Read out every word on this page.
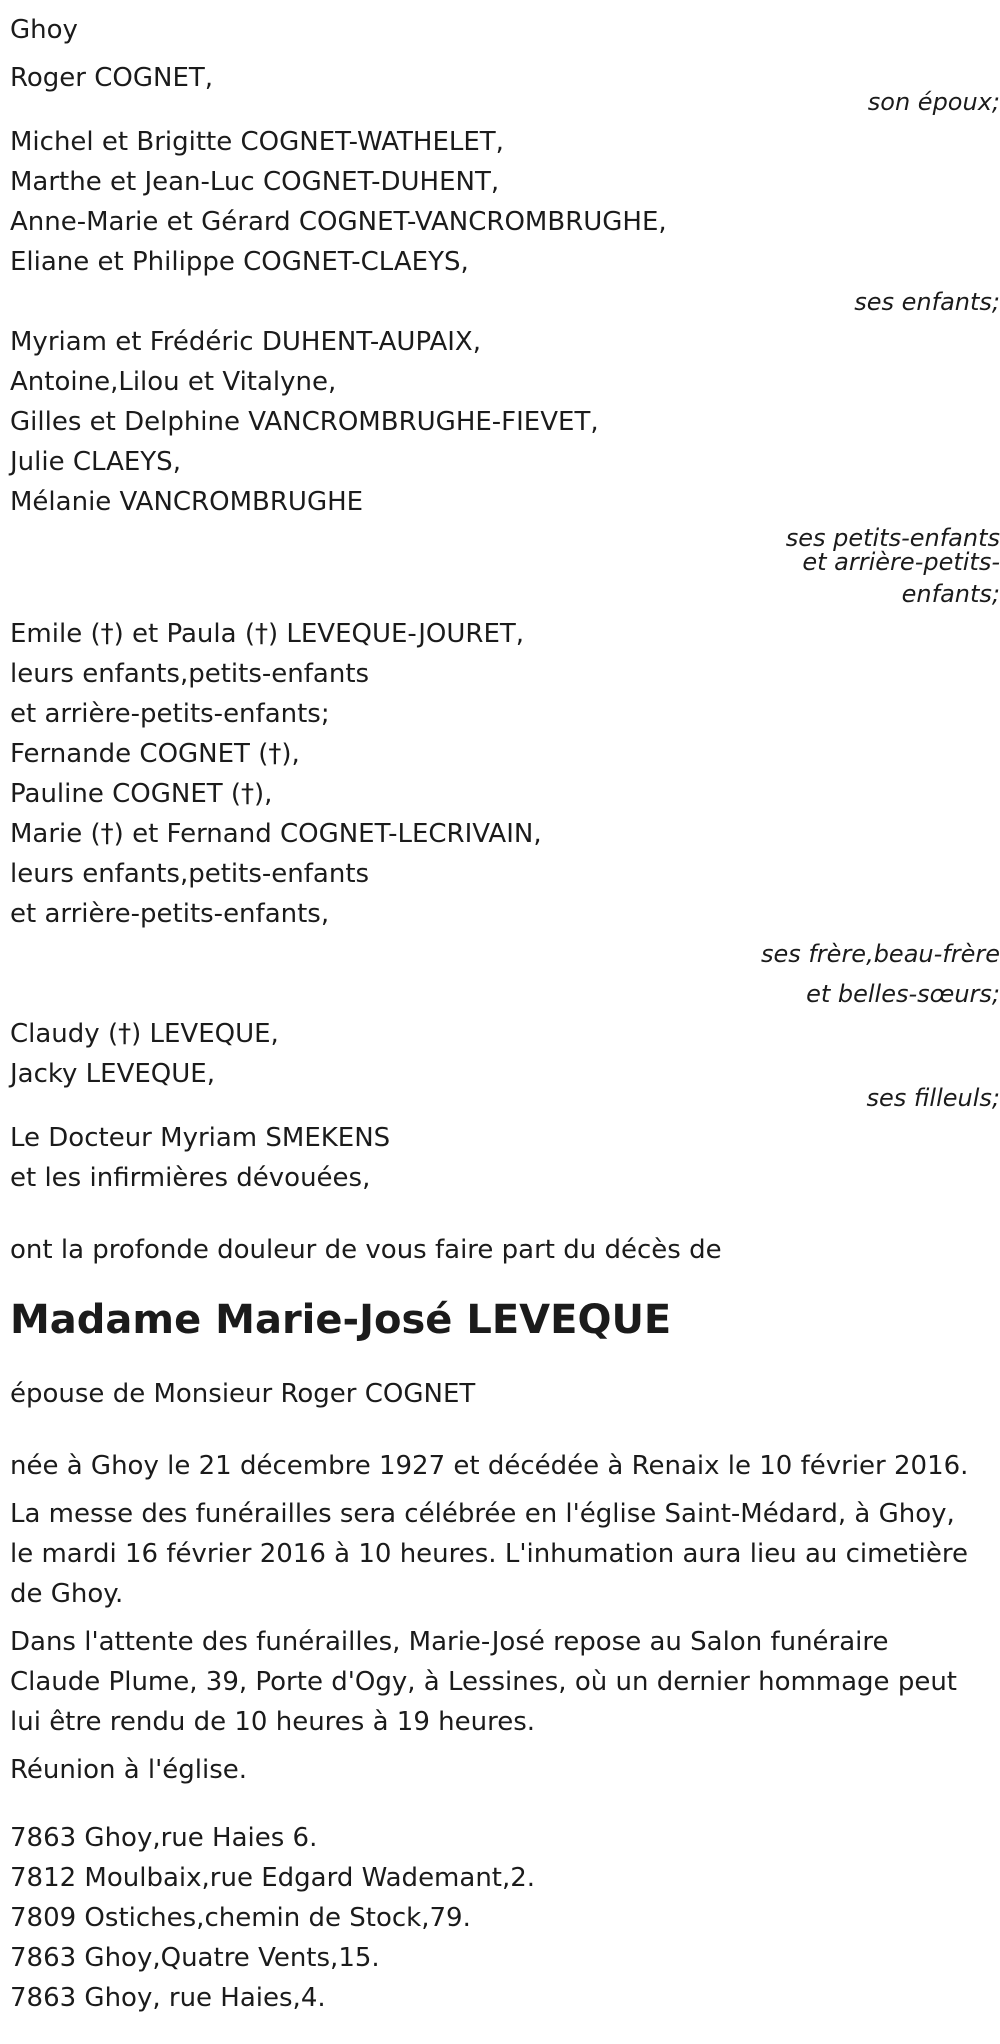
Ghoy
Roger COGNET,
son époux;
Michel et Brigitte COGNET-WATHELET,
Marthe et Jean-Luc COGNET-DUHENT,
Anne-Marie et Gérard COGNET-VANCROMBRUGHE,
Eliane et Philippe COGNET-CLAEYS,
ses enfants;
Myriam et Frédéric DUHENT-AUPAIX,
Antoine,Lilou et Vitalyne,
Gilles et Delphine VANCROMBRUGHE-FIEVET,
Julie CLAEYS,
Mélanie VANCROMBRUGHE
ses petits-enfants
et arrière-petits-
enfants;
Emile (†) et Paula (†) LEVEQUE-JOURET,
leurs enfants,petits-enfants
et arrière-petits-enfants;
Fernande COGNET (†),
Pauline COGNET (†),
Marie (†) et Fernand COGNET-LECRIVAIN,
leurs enfants,petits-enfants
et arrière-petits-enfants,
ses frère,beau-frère
et belles-sœurs;
Claudy (†) LEVEQUE,
Jacky LEVEQUE,
ses filleuls;
Le Docteur Myriam SMEKENS
et les infirmières dévouées,
ont la profonde douleur de vous faire part du décès de
Madame Marie-José LEVEQUE
épouse de Monsieur Roger COGNET
née à Ghoy le 21 décembre 1927 et décédée à Renaix le 10 février 2016.
La messe des funérailles sera célébrée en l'église Saint-Médard, à Ghoy, le mardi 16 février 2016 à 10 heures. L'inhumation aura lieu au cimetière de Ghoy.
Dans l'attente des funérailles, Marie-José repose au Salon funéraire Claude Plume, 39, Porte d'Ogy, à Lessines, où un dernier hommage peut lui être rendu de 10 heures à 19 heures.
Réunion à l'église.
7863 Ghoy,rue Haies 6.
7812 Moulbaix,rue Edgard Wademant,2.
7809 Ostiches,chemin de Stock,79.
7863 Ghoy,Quatre Vents,15.
7863 Ghoy, rue Haies,4.
